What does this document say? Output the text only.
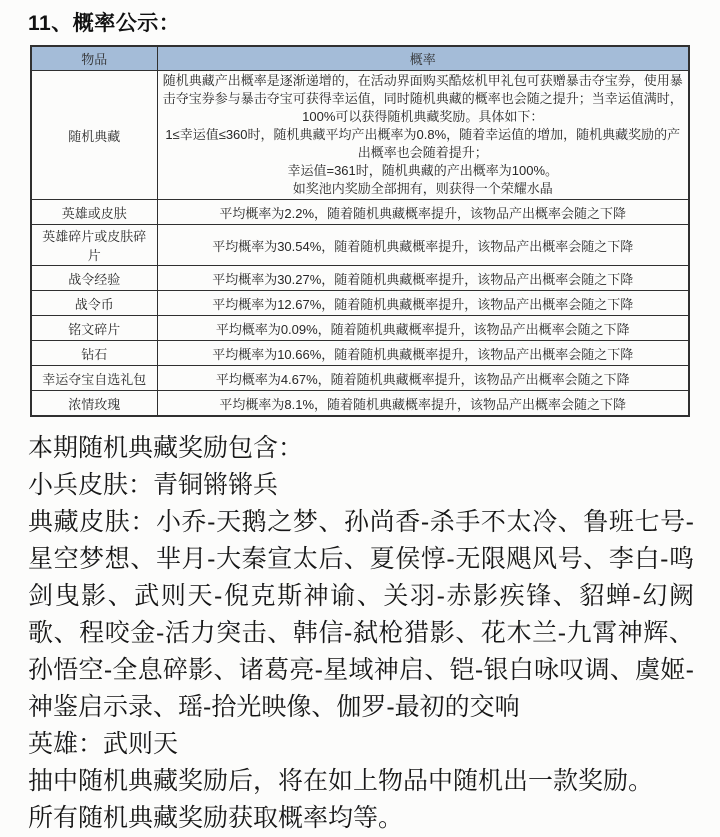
11、概率公示：
物品	概率
随机典藏	随机典藏产出概率是逐渐递增的，在活动界面购买酷炫机甲礼包可获赠暴击夺宝券，使用暴击夺宝券参与暴击夺宝可获得幸运值，同时随机典藏的概率也会随之提升；当幸运值满时，100%可以获得随机典藏奖励。具体如下：

1≤幸运值≤360时，随机典藏平均产出概率为0.8%，随着幸运值的增加，随机典藏奖励的产出概率也会随着提升；

幸运值=361时，随机典藏的产出概率为100%。

如奖池内奖励全部拥有，则获得一个荣耀水晶

英雄或皮肤	平均概率为2.2%，随着随机典藏概率提升，该物品产出概率会随之下降
英雄碎片或皮肤碎片	平均概率为30.54%，随着随机典藏概率提升，该物品产出概率会随之下降
战令经验	平均概率为30.27%，随着随机典藏概率提升，该物品产出概率会随之下降
战令币	平均概率为12.67%，随着随机典藏概率提升，该物品产出概率会随之下降
铭文碎片	平均概率为0.09%，随着随机典藏概率提升，该物品产出概率会随之下降
钻石	平均概率为10.66%，随着随机典藏概率提升，该物品产出概率会随之下降
幸运夺宝自选礼包	平均概率为4.67%，随着随机典藏概率提升，该物品产出概率会随之下降
浓情玫瑰	平均概率为8.1%，随着随机典藏概率提升，该物品产出概率会随之下降

本期随机典藏奖励包含：

小兵皮肤：青铜锵锵兵

典藏皮肤：小乔-天鹅之梦、孙尚香-杀手不太冷、鲁班七号-星空梦想、芈月-大秦宣太后、夏侯惇-无限飓风号、李白-鸣剑曳影、武则天-倪克斯神谕、关羽-赤影疾锋、貂蝉-幻阙歌、程咬金-活力突击、韩信-弑枪猎影、花木兰-九霄神辉、孙悟空-全息碎影、诸葛亮-星域神启、铠-银白咏叹调、虞姬-神鉴启示录、瑶-拾光映像、伽罗-最初的交响

英雄：武则天

抽中随机典藏奖励后，将在如上物品中随机出一款奖励。

所有随机典藏奖励获取概率均等。
